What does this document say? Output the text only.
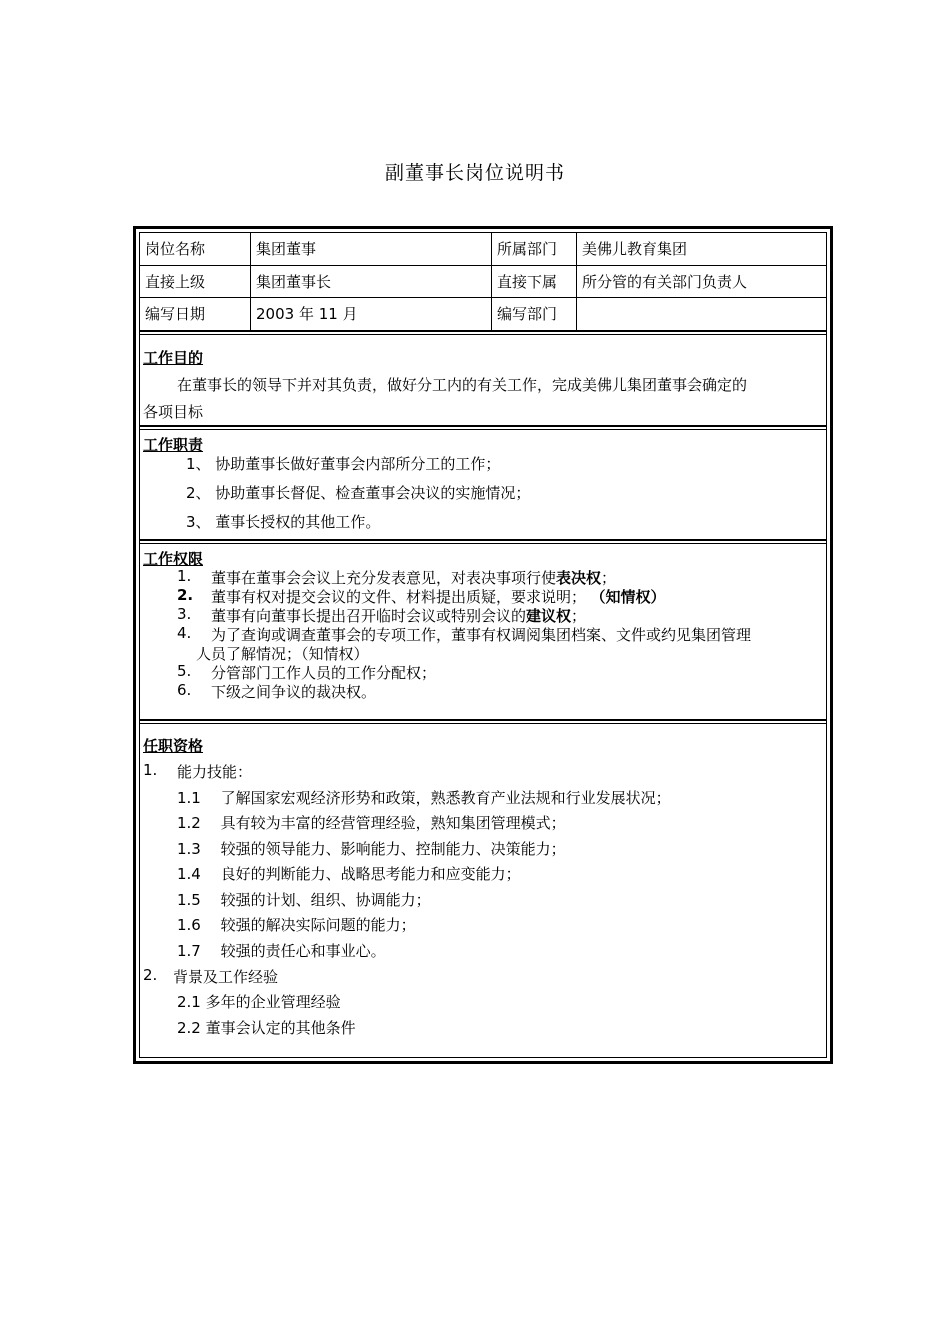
副董事长岗位说明书
岗位名称	集团董事	所属部门	美佛儿教育集团
直接上级	集团董事长	直接下属	所分管的有关部门负责人
编写日期	2003 年 11 月	编写部门
工作目的
在董事长的领导下并对其负责，做好分工内的有关工作，完成美佛儿集团董事会确定的
各项目标
工作职责
1、 协助董事长做好董事会内部所分工的工作；
2、 协助董事长督促、检查董事会决议的实施情况；
3、 董事长授权的其他工作。
工作权限
1. 董事在董事会会议上充分发表意见，对表决事项行使表决权；
2. 董事有权对提交会议的文件、材料提出质疑，要求说明； （知情权）
3. 董事有向董事长提出召开临时会议或特别会议的建议权；
4. 为了查询或调查董事会的专项工作，董事有权调阅集团档案、文件或约见集团管理
人员了解情况；（知情权）
5. 分管部门工作人员的工作分配权；
6. 下级之间争议的裁决权。
任职资格
1. 能力技能：
1.1　 了解国家宏观经济形势和政策，熟悉教育产业法规和行业发展状况；
1.2　 具有较为丰富的经营管理经验，熟知集团管理模式；
1.3　 较强的领导能力、影响能力、控制能力、决策能力；
1.4　 良好的判断能力、战略思考能力和应变能力；
1.5　 较强的计划、组织、协调能力；
1.6　 较强的解决实际问题的能力；
1.7　 较强的责任心和事业心。
2. 背景及工作经验
2.1 多年的企业管理经验
2.2 董事会认定的其他条件
